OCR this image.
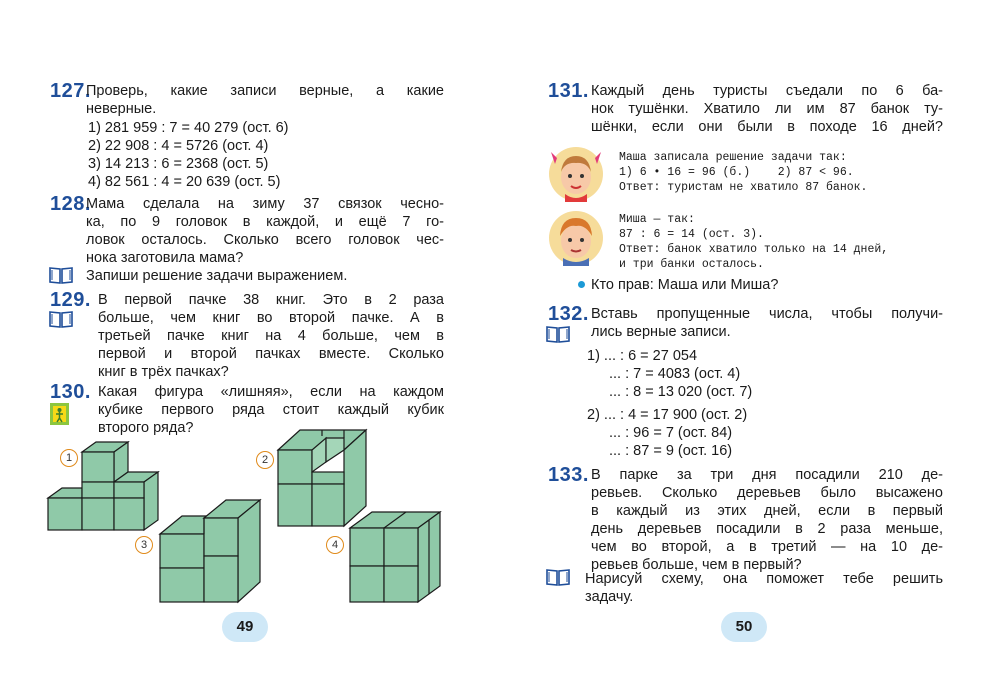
127.
Проверь, какие записи верные, а какие
неверные.
1) 281 959 : 7 = 40 279 (ост. 6)
2) 22 908 : 4 = 5726 (ост. 4)
3) 14 213 : 6 = 2368 (ост. 5)
4) 82 561 : 4 = 20 639 (ост. 5)
128.
Мама сделала на зиму 37 связок чесно-
ка, по 9 головок в каждой, и ещё 7 го-
ловок осталось. Сколько всего головок чес-
нока заготовила мама?
Запиши решение задачи выражением.
129. В первой пачке 38 книг. Это в 2 раза
больше, чем книг во второй пачке. А в
третьей пачке книг на 4 больше, чем в
первой и второй пачках вместе. Сколько
книг в трёх пачках?
130. Какая фигура «лишняя», если на каждом
кубике первого ряда стоит каждый кубик
второго ряда?
1	2
3	4
49
131. Каждый день туристы съедали по 6 ба-
нок тушёнки. Хватило ли им 87 банок ту-
шёнки, если они были в походе 16 дней?
Маша записала решение задачи так:
1) 6 • 16 = 96 (б.)    2) 87 < 96.
Ответ: туристам не хватило 87 банок.
Миша — так:
87 : 6 = 14 (ост. 3).
Ответ: банок хватило только на 14 дней,
и три банки осталось.
Кто прав: Маша или Миша?
132. Вставь пропущенные числа, чтобы получи-
лись верные записи.
1) ... : 6 = 27 054
... : 7 = 4083 (ост. 4)
... : 8 = 13 020 (ост. 7)
2) ... : 4 = 17 900 (ост. 2)
... : 96 = 7 (ост. 84)
... : 87 = 9 (ост. 16)
133. В парке за три дня посадили 210 де-
ревьев. Сколько деревьев было высажено
в каждый из этих дней, если в первый
день деревьев посадили в 2 раза меньше,
чем во второй, а в третий — на 10 де-
ревьев больше, чем в первый?
Нарисуй схему, она поможет тебе решить
задачу.
50
